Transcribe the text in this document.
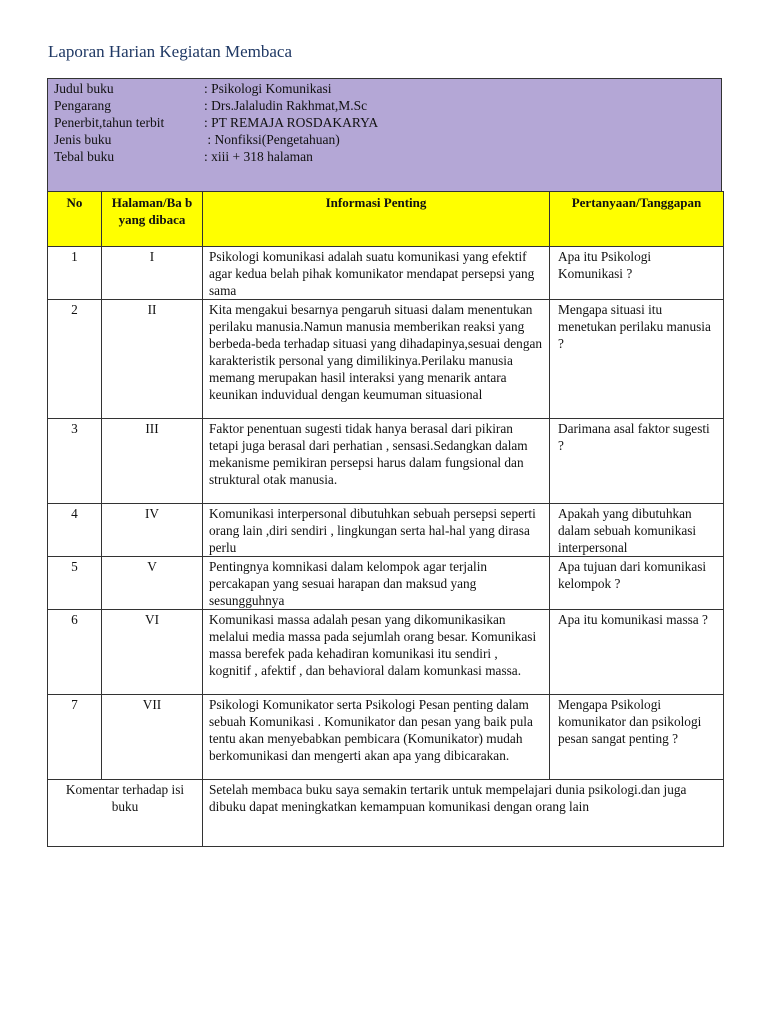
Laporan Harian Kegiatan Membaca
Judul buku	: Psikologi Komunikasi
Pengarang	: Drs.Jalaludin Rakhmat,M.Sc
Penerbit,tahun terbit	: PT REMAJA ROSDAKARYA
Jenis buku	: Nonfiksi(Pengetahuan)
Tebal buku	: xiii + 318 halaman
No	Halaman/Ba b yang dibaca	Informasi Penting	Pertanyaan/Tanggapan
1	I	Psikologi komunikasi adalah suatu komunikasi yang efektif agar kedua belah pihak komunikator mendapat persepsi yang sama	Apa itu Psikologi Komunikasi ?
2	II	Kita mengakui besarnya pengaruh situasi dalam menentukan perilaku manusia.Namun manusia memberikan reaksi yang berbeda-beda terhadap situasi yang dihadapinya,sesuai dengan karakteristik personal yang dimilikinya.Perilaku manusia memang merupakan hasil interaksi yang menarik antara keunikan induvidual dengan keumuman situasional	Mengapa situasi itu menetukan perilaku manusia ?
3	III	Faktor penentuan sugesti tidak hanya berasal dari pikiran tetapi juga berasal dari perhatian , sensasi.Sedangkan dalam mekanisme pemikiran persepsi harus dalam fungsional dan struktural otak manusia.	Darimana asal faktor sugesti ?
4	IV	Komunikasi interpersonal dibutuhkan sebuah persepsi seperti orang lain ,diri sendiri , lingkungan serta hal-hal yang dirasa perlu	Apakah yang dibutuhkan dalam sebuah komunikasi interpersonal
5	V	Pentingnya komnikasi dalam kelompok agar terjalin percakapan yang sesuai harapan dan maksud yang sesungguhnya	Apa tujuan dari komunikasi kelompok ?
6	VI	Komunikasi massa adalah pesan yang dikomunikasikan melalui media massa pada sejumlah orang besar. Komunikasi massa berefek pada kehadiran komunikasi itu sendiri , kognitif , afektif , dan behavioral dalam komunkasi massa.	Apa itu komunikasi massa ?
7	VII	Psikologi Komunikator serta Psikologi Pesan penting dalam sebuah Komunikasi . Komunikator dan pesan yang baik pula tentu akan menyebabkan pembicara (Komunikator) mudah berkomunikasi dan mengerti akan apa yang dibicarakan.	Mengapa Psikologi komunikator dan psikologi pesan sangat penting ?
Komentar terhadap isi buku		Setelah membaca buku saya semakin tertarik untuk mempelajari dunia psikologi.dan juga dibuku dapat meningkatkan kemampuan komunikasi dengan orang lain	
